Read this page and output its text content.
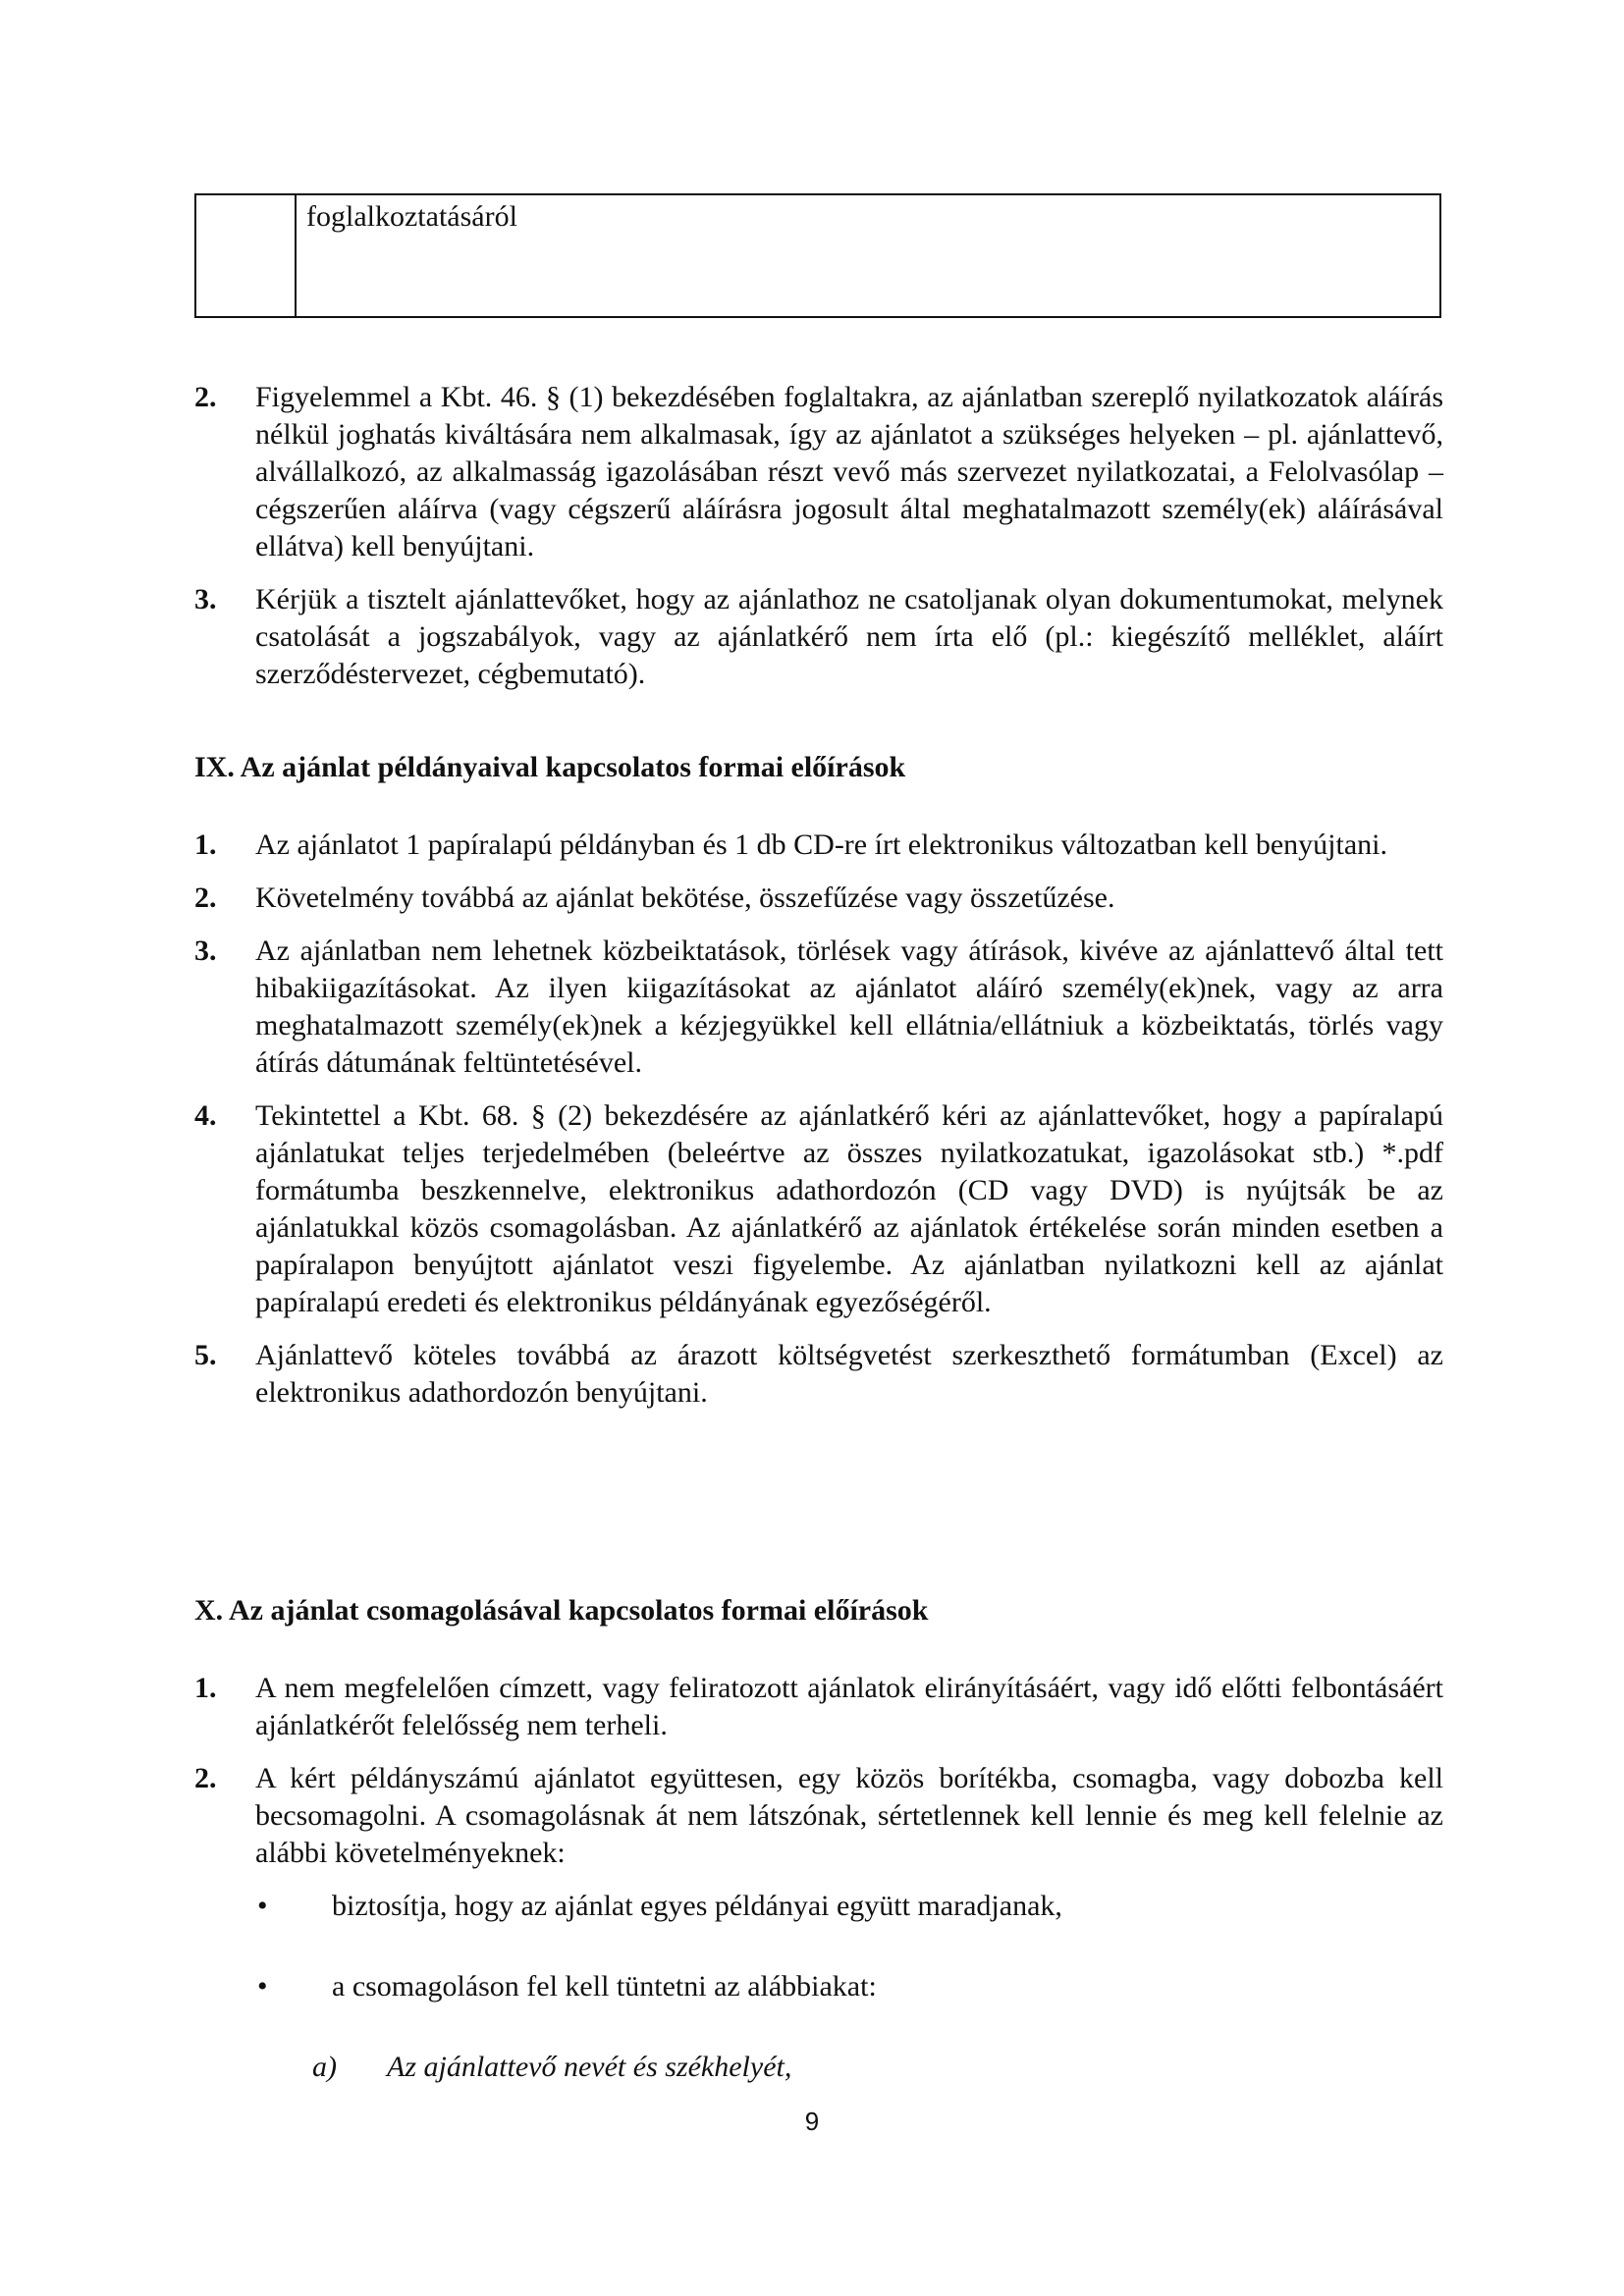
foglalkoztatásáról
2. Figyelemmel a Kbt. 46. § (1) bekezdésében foglaltakra, az ajánlatban szereplő nyilatkozatok aláírás nélkül joghatás kiváltására nem alkalmasak, így az ajánlatot a szükséges helyeken – pl. ajánlattevő, alvállalkozó, az alkalmasság igazolásában részt vevő más szervezet nyilatkozatai, a Felolvasólap – cégszerűen aláírva (vagy cégszerű aláírásra jogosult által meghatalmazott személy(ek) aláírásával ellátva) kell benyújtani.
3. Kérjük a tisztelt ajánlattevőket, hogy az ajánlathoz ne csatoljanak olyan dokumentumokat, melynek csatolását a jogszabályok, vagy az ajánlatkérő nem írta elő (pl.: kiegészítő melléklet, aláírt szerződéstervezet, cégbemutató).

IX. Az ajánlat példányaival kapcsolatos formai előírások

1. Az ajánlatot 1 papíralapú példányban és 1 db CD-re írt elektronikus változatban kell benyújtani.
2. Követelmény továbbá az ajánlat bekötése, összefűzése vagy összetűzése.
3. Az ajánlatban nem lehetnek közbeiktatások, törlések vagy átírások, kivéve az ajánlattevő által tett hibakiigazításokat. Az ilyen kiigazításokat az ajánlatot aláíró személy(ek)nek, vagy az arra meghatalmazott személy(ek)nek a kézjegyükkel kell ellátnia/ellátniuk a közbeiktatás, törlés vagy átírás dátumának feltüntetésével.
4. Tekintettel a Kbt. 68. § (2) bekezdésére az ajánlatkérő kéri az ajánlattevőket, hogy a papíralapú ajánlatukat teljes terjedelmében (beleértve az összes nyilatkozatukat, igazolásokat stb.) *.pdf formátumba beszkennelve, elektronikus adathordozón (CD vagy DVD) is nyújtsák be az ajánlatukkal közös csomagolásban. Az ajánlatkérő az ajánlatok értékelése során minden esetben a papíralapon benyújtott ajánlatot veszi figyelembe. Az ajánlatban nyilatkozni kell az ajánlat papíralapú eredeti és elektronikus példányának egyezőségéről.
5. Ajánlattevő köteles továbbá az árazott költségvetést szerkeszthető formátumban (Excel) az elektronikus adathordozón benyújtani.

X. Az ajánlat csomagolásával kapcsolatos formai előírások

1. A nem megfelelően címzett, vagy feliratozott ajánlatok elirányításáért, vagy idő előtti felbontásáért ajánlatkérőt felelősség nem terheli.
2. A kért példányszámú ajánlatot együttesen, egy közös borítékba, csomagba, vagy dobozba kell becsomagolni. A csomagolásnak át nem látszónak, sértetlennek kell lennie és meg kell felelnie az alábbi követelményeknek:
• biztosítja, hogy az ajánlat egyes példányai együtt maradjanak,
• a csomagoláson fel kell tüntetni az alábbiakat:
a) Az ajánlattevő nevét és székhelyét,
9
